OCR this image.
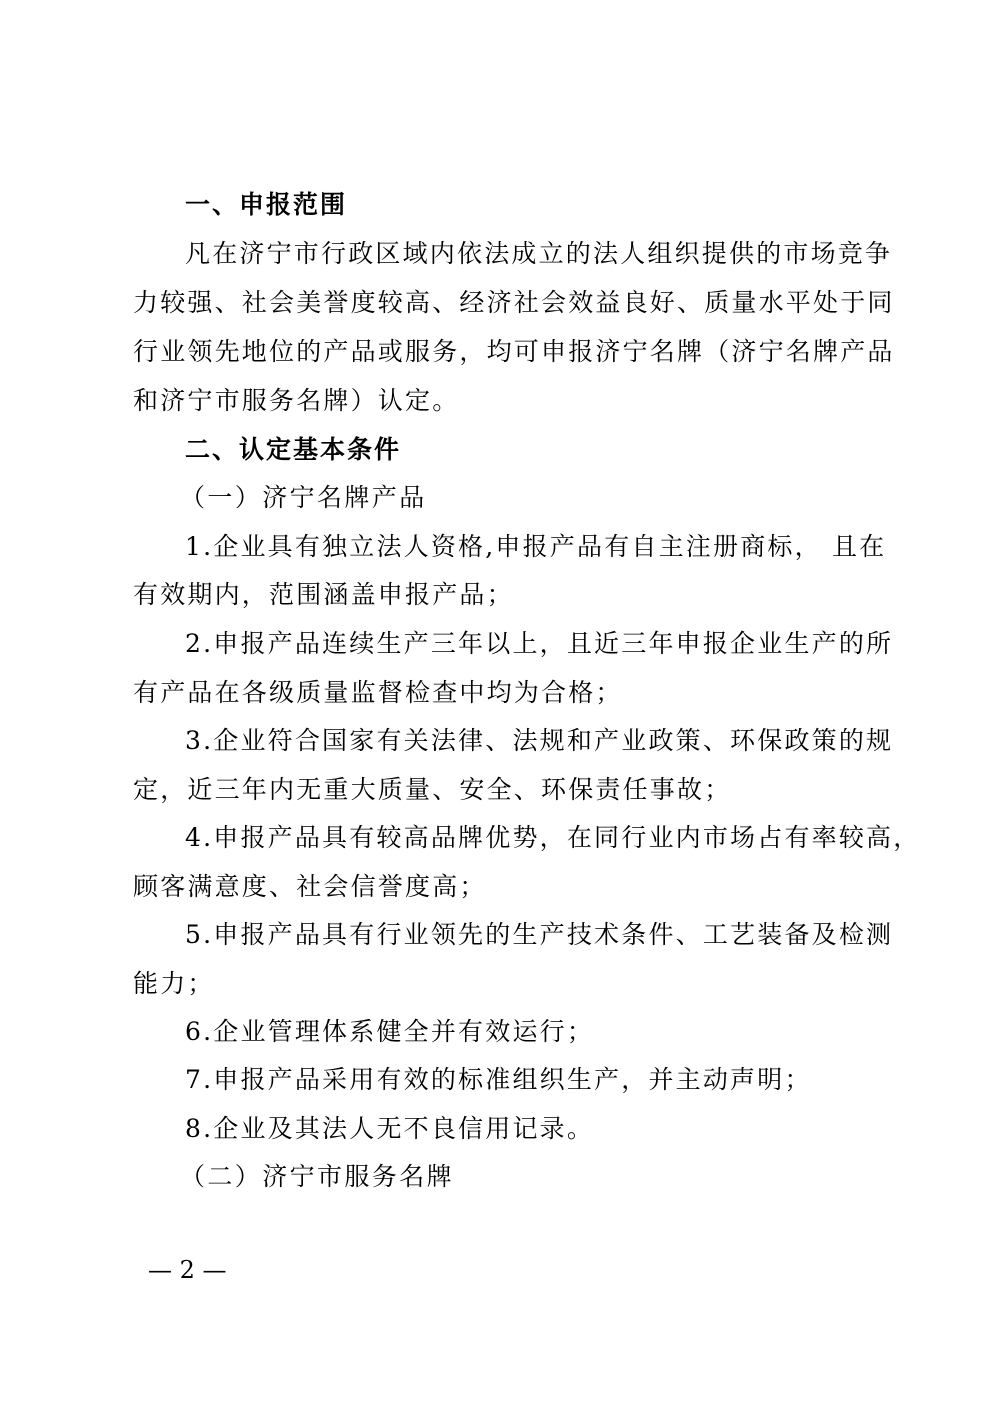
一、申报范围
凡在济宁市行政区域内依法成立的法人组织提供的市场竞争
力较强、社会美誉度较高、经济社会效益良好、质量水平处于同
行业领先地位的产品或服务，均可申报济宁名牌（济宁名牌产品
和济宁市服务名牌）认定。
二、认定基本条件
（一）济宁名牌产品
1.企业具有独立法人资格,申报产品有自主注册商标， 且在
有效期内，范围涵盖申报产品；
2.申报产品连续生产三年以上，且近三年申报企业生产的所
有产品在各级质量监督检查中均为合格；
3.企业符合国家有关法律、法规和产业政策、环保政策的规
定，近三年内无重大质量、安全、环保责任事故；
4.申报产品具有较高品牌优势，在同行业内市场占有率较高，
顾客满意度、社会信誉度高；
5.申报产品具有行业领先的生产技术条件、工艺装备及检测
能力；
6.企业管理体系健全并有效运行；
7.申报产品采用有效的标准组织生产，并主动声明；
8.企业及其法人无不良信用记录。
（二）济宁市服务名牌
— 2 —
